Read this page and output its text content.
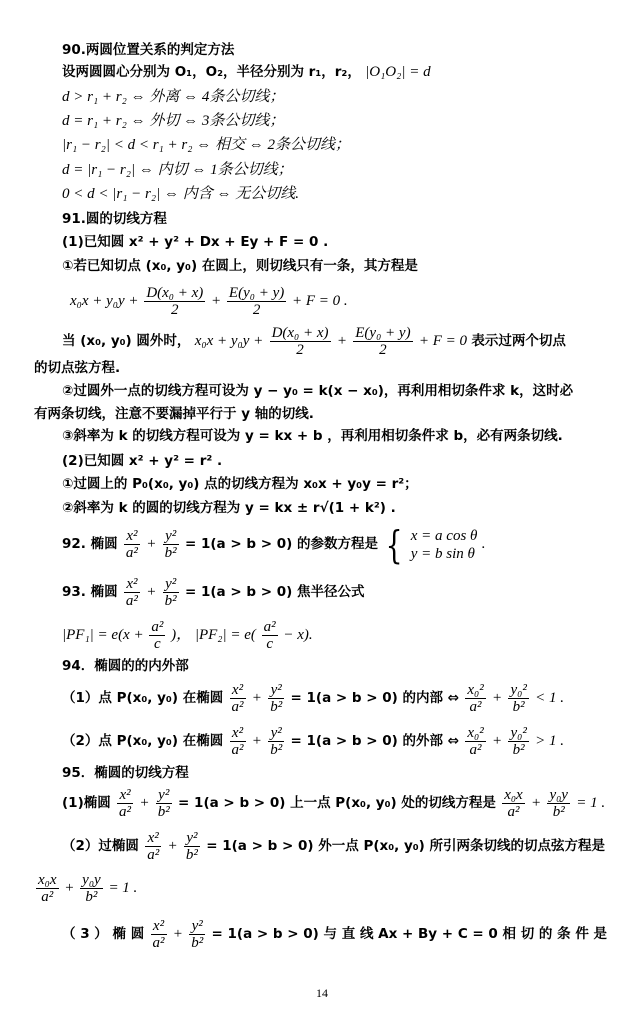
90.两圆位置关系的判定方法
设两圆圆心分别为 O₁，O₂，半径分别为 r₁，r₂， |O₁O₂| = d
d > r₁ + r₂ ⇔ 外离 ⇔ 4条公切线；
d = r₁ + r₂ ⇔ 外切 ⇔ 3条公切线；
|r₁ − r₂| < d < r₁ + r₂ ⇔ 相交 ⇔ 2条公切线；
d = |r₁ − r₂| ⇔ 内切 ⇔ 1条公切线；
0 < d < |r₁ − r₂| ⇔ 内含 ⇔ 无公切线.
91.圆的切线方程
(1)已知圆 x² + y² + Dx + Ey + F = 0 .
①若已知切点 (x₀, y₀) 在圆上，则切线只有一条，其方程是
$x_0x + y_0y + \frac{\text{D(x₀ + x)}}{2} + \frac{\text{E(y₀ + y)}}{2} + F = 0$ .
当 (x₀, y₀) 圆外时， $x_0x + y_0y + \frac{\text{D(x₀ + x)}}{2} + \frac{\text{E(y₀ + y)}}{2} + F = 0$ 表示过两个切点
的切点弦方程.
②过圆外一点的切线方程可设为 y − y₀ = k(x − x₀)，再利用相切条件求 k，这时必
有两条切线，注意不要漏掉平行于 y 轴的切线.
③斜率为 k 的切线方程可设为 y = kx + b ，再利用相切条件求 b，必有两条切线.
(2)已知圆 x² + y² = r² .
①过圆上的 P₀(x₀, y₀) 点的切线方程为 x₀x + y₀y = r²；
②斜率为 k 的圆的切线方程为 y = kx ± r√(1 + k²) .
92. 椭圆 $\frac{\text{x²}}{\text{a²}} + \frac{\text{y²}}{\text{b²}} = 1(a > b > 0)$ 的参数方程是 { x = a cos θ
y = b sin θ
.
93. 椭圆 $\frac{\text{x²}}{\text{a²}} + \frac{\text{y²}}{\text{b²}} = 1(a > b > 0)$ 焦半径公式
$|PF_1| = e(x + \frac{\text{a²}}{c}$ )， $|PF_2| = e( \frac{\text{a²}}{c} - x)$.
94．椭圆的的内外部
（1）点 P(x₀, y₀) 在椭圆 $\frac{\text{x²}}{\text{a²}} + \frac{\text{y²}}{\text{b²}} = 1(a > b > 0)$ 的内部 ⇔ $\frac{\text{x₀²}}{\text{a²}} + \frac{\text{y₀²}}{\text{b²}} < 1$ .
（2）点 P(x₀, y₀) 在椭圆 $\frac{\text{x²}}{\text{a²}} + \frac{\text{y²}}{\text{b²}} = 1(a > b > 0)$ 的外部 ⇔ $\frac{\text{x₀²}}{\text{a²}} + \frac{\text{y₀²}}{\text{b²}} > 1$ .
95．椭圆的切线方程
(1)椭圆 $\frac{\text{x²}}{\text{a²}} + \frac{\text{y²}}{\text{b²}} = 1(a > b > 0)$ 上一点 P(x₀, y₀) 处的切线方程是 $\frac{\text{x₀x}}{\text{a²}} + \frac{\text{y₀y}}{\text{b²}} = 1$ .
（2）过椭圆 $\frac{\text{x²}}{\text{a²}} + \frac{\text{y²}}{\text{b²}} = 1(a > b > 0)$ 外一点 P(x₀, y₀) 所引两条切线的切点弦方程是
$\frac{\text{x₀x}}{\text{a²}} + \frac{\text{y₀y}}{\text{b²}} = 1$ .
（ 3 ） 椭 圆 $\frac{\text{x²}}{\text{a²}} + \frac{\text{y²}}{\text{b²}} = 1(a > b > 0)$ 与 直 线 Ax + By + C = 0 相 切 的 条 件 是
14
